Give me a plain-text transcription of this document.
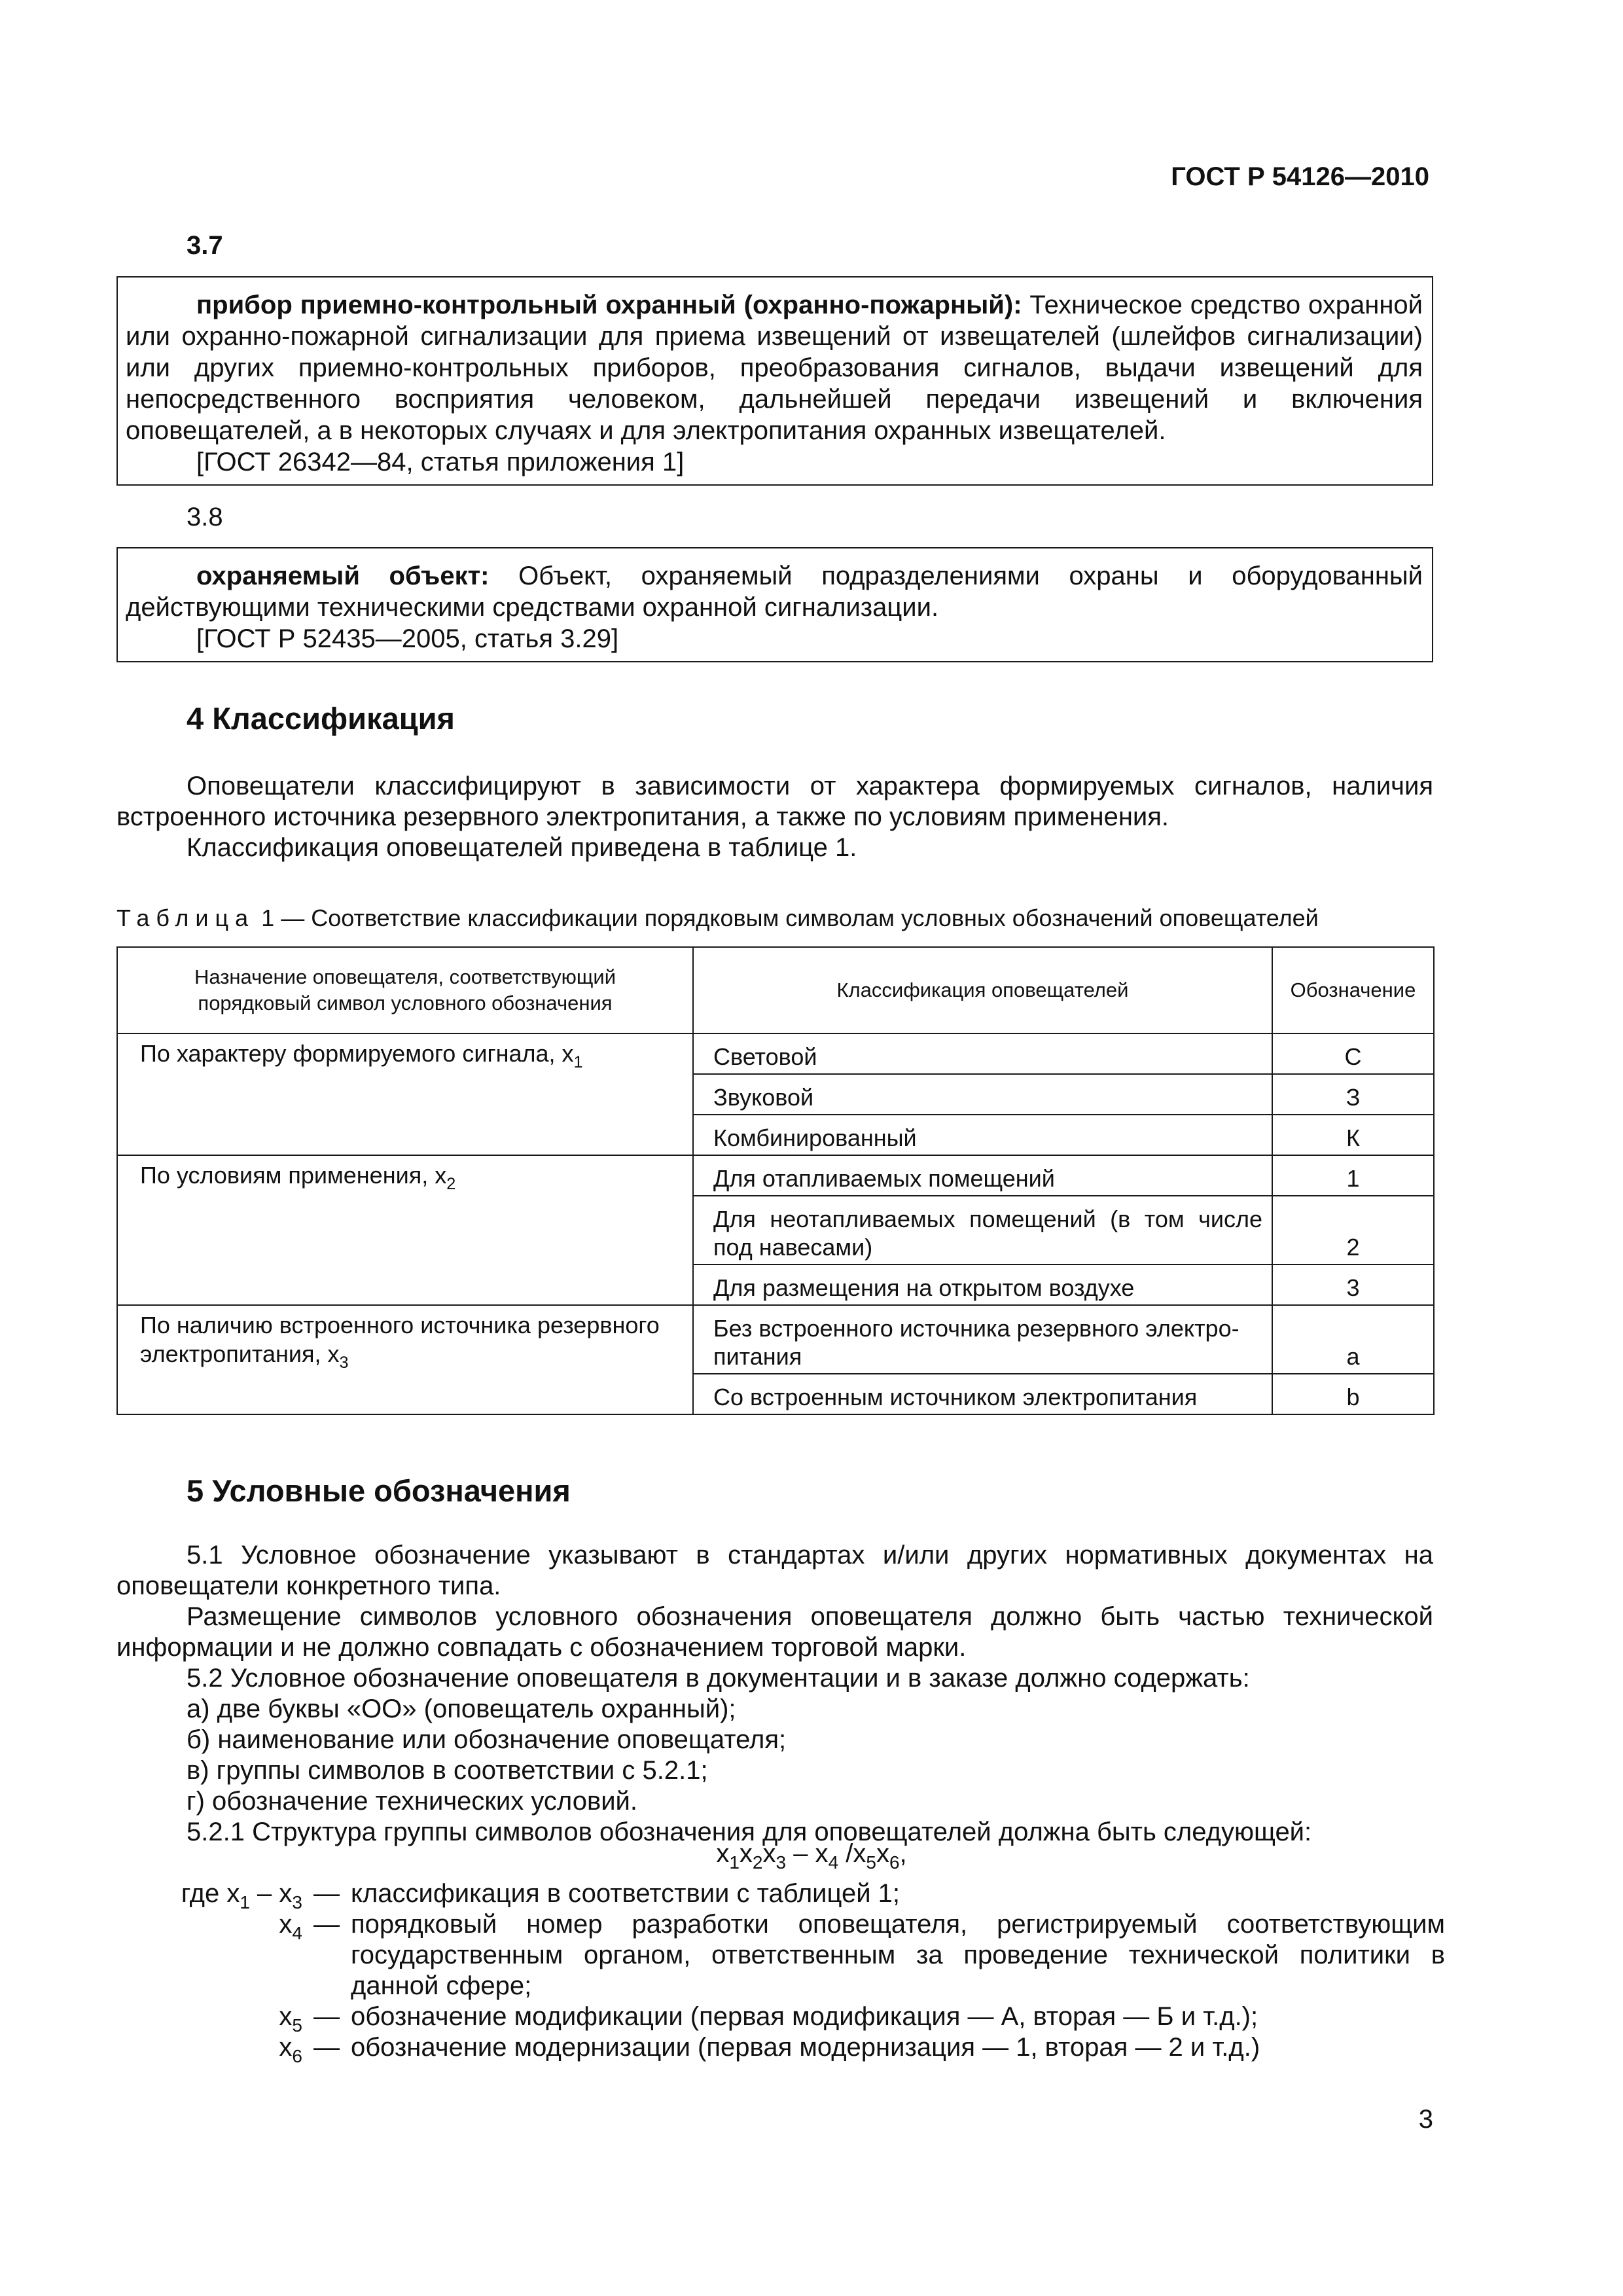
ГОСТ Р 54126—2010
3.7

прибор приемно-контрольный охранный (охранно-пожарный): Техническое средство охранной или охранно-пожарной сигнализации для приема извещений от извещателей (шлейфов сигнализации) или других приемно-контрольных приборов, преобразования сигналов, выдачи извещений для непосредственного восприятия человеком, дальнейшей передачи извещений и включения оповещателей, а в некоторых случаях и для электропитания охранных извещателей.

[ГОСТ 26342—84, статья приложения 1]

3.8

охраняемый объект: Объект, охраняемый подразделениями охраны и оборудованный действующими техническими средствами охранной сигнализации.

[ГОСТ Р 52435—2005, статья 3.29]

4 Классификация

Оповещатели классифицируют в зависимости от характера формируемых сигналов, наличия встроенного источника резервного электропитания, а также по условиям применения.

Классификация оповещателей приведена в таблице 1.

Таблица 1 — Соответствие классификации порядковым символам условных обозначений оповещателей
Назначение оповещателя, соответствующий порядковый символ условного обозначения	Классификация оповещателей	Обозначение
По характеру формируемого сигнала, $x_1$	Световой	С
	Звуковой	З
	Комбинированный	К
По условиям применения, $x_2$	Для отапливаемых помещений	1
	Для неотапливаемых помещений (в том числе под навесами)	2
	Для размещения на открытом воздухе	3
По наличию встроенного источника резервного электропитания, $x_3$	Без встроенного источника резервного электро-питания	a
	Со встроенным источником электропитания	b
5 Условные обозначения

5.1 Условное обозначение указывают в стандартах и/или других нормативных документах на оповещатели конкретного типа.

Размещение символов условного обозначения оповещателя должно быть частью технической информации и не должно совпадать с обозначением торговой марки.

5.2 Условное обозначение оповещателя в документации и в заказе должно содержать:

а) две буквы «ОО» (оповещатель охранный);

б) наименование или обозначение оповещателя;

в) группы символов в соответствии с 5.2.1;

г) обозначение технических условий.

5.2.1 Структура группы символов обозначения для оповещателей должна быть следующей:

$x_1x_2x_3 - x_4$ $/x_5x_6$,
где $x_1 - x_3$ — классификация в соответствии с таблицей 1;
$x_4$ — порядковый номер разработки оповещателя, регистрируемый соответствующим государственным органом, ответственным за проведение технической политики в данной сфере;
$x_5$ — обозначение модификации (первая модификация — А, вторая — Б и т.д.);
$x_6$ — обозначение модернизации (первая модернизация — 1, вторая — 2 и т.д.)
3
